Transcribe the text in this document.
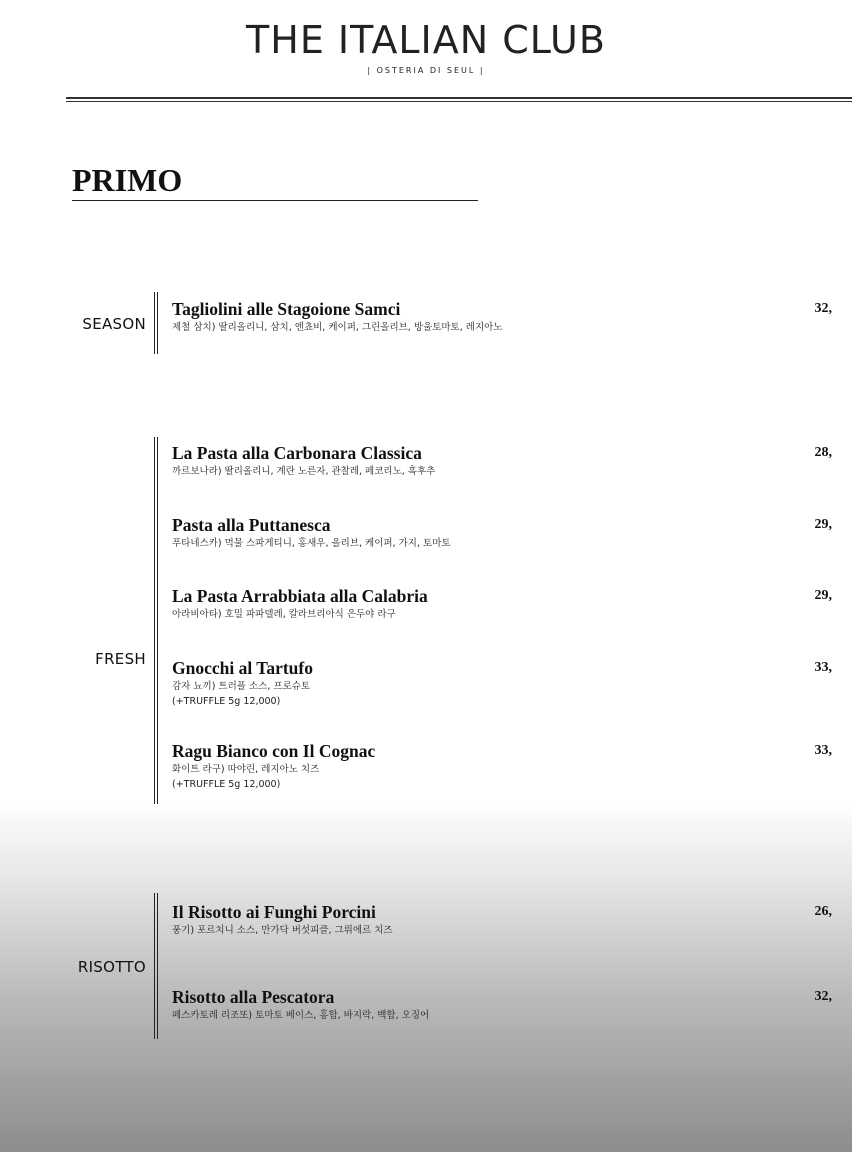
THE ITALIAN CLUB
| OSTERIA DI SEUL |
PRIMO
SEASON
Tagliolini alle Stagoione Samci
제철 삼치) 딸리올리니, 삼치, 엔쵸비, 케이퍼, 그린올리브, 방울토마토, 레지아노
32,
FRESH
La Pasta alla Carbonara Classica
까르보나라) 딸리올리니, 계란 노른자, 관찰레, 페코리노, 흑후추
28,
Pasta alla Puttanesca
푸타네스카) 먹물 스파게티니, 홍새우, 올리브, 케이퍼, 가지, 토마토
29,
La Pasta Arrabbiata alla Calabria
아라비아타) 호밀 파파델레, 칼라브리아식 은두야 라구
29,
Gnocchi al Tartufo
감자 뇨끼) 트러플 소스, 프로슈토
(+TRUFFLE 5g 12,000)
33,
Ragu Bianco con Il Cognac
화이트 라구) 따야린, 레지아노 치즈
(+TRUFFLE 5g 12,000)
33,
RISOTTO
Il Risotto ai Funghi Porcini
풍기) 포르치니 소스, 만가닥 버섯피클, 그뤼에르 치즈
26,
Risotto alla Pescatora
페스카토레 리조또) 토마토 베이스, 홍합, 바지락, 백합, 오징어
32,
